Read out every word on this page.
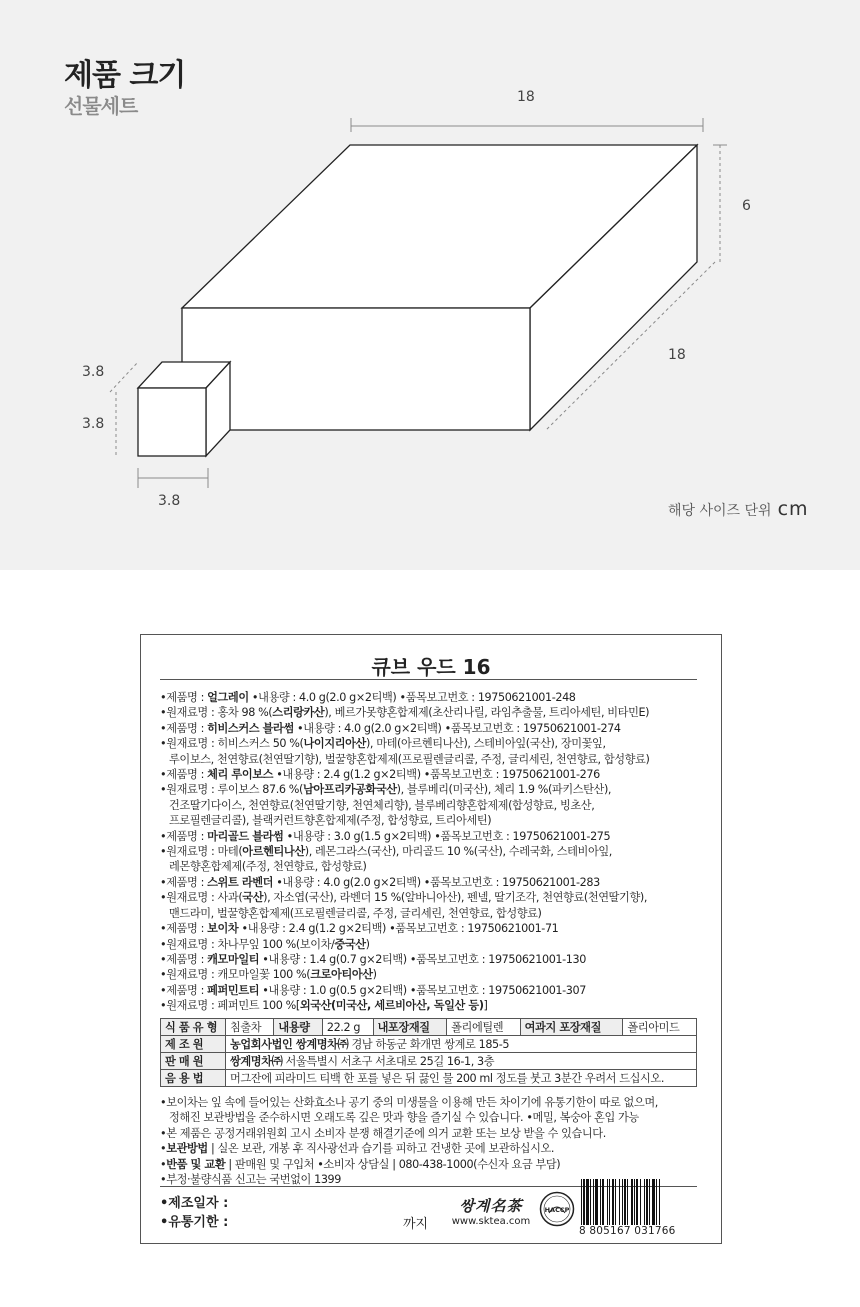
제품 크기
선물세트	18
6
18
3.8
3.8
3.8
해당 사이즈 단위 cm
큐브 우드 16
•제품명 : 얼그레이 •내용량 : 4.0 g(2.0 g×2티백) •품목보고번호 : 19750621001-248
•원재료명 : 홍차 98 %(스리랑카산), 베르가못향혼합제제(초산리나릴, 라임추출물, 트리아세틴, 비타민E)
•제품명 : 히비스커스 블라썸 •내용량 : 4.0 g(2.0 g×2티백) •품목보고번호 : 19750621001-274
•원재료명 : 히비스커스 50 %(나이지리아산), 마테(아르헨티나산), 스테비아잎(국산), 장미꽃잎,
루이보스, 천연향료(천연딸기향), 벌꿀향혼합제제(프로필렌글리콜, 주정, 글리세린, 천연향료, 합성향료)
•제품명 : 체리 루이보스 •내용량 : 2.4 g(1.2 g×2티백) •품목보고번호 : 19750621001-276
•원재료명 : 루이보스 87.6 %(남아프리카공화국산), 블루베리(미국산), 체리 1.9 %(파키스탄산),
건조딸기다이스, 천연향료(천연딸기향, 천연체리향), 블루베리향혼합제제(합성향료, 빙초산,
프로필렌글리콜), 블랙커런트향혼합제제(주정, 합성향료, 트리아세틴)
•제품명 : 마리골드 블라썸 •내용량 : 3.0 g(1.5 g×2티백) •품목보고번호 : 19750621001-275
•원재료명 : 마테(아르헨티나산), 레몬그라스(국산), 마리골드 10 %(국산), 수레국화, 스테비아잎,
레몬향혼합제제(주정, 천연향료, 합성향료)
•제품명 : 스위트 라벤더 •내용량 : 4.0 g(2.0 g×2티백) •품목보고번호 : 19750621001-283
•원재료명 : 사과(국산), 자소엽(국산), 라벤더 15 %(알바니아산), 펜넬, 딸기조각, 천연향료(천연딸기향),
맨드라미, 벌꿀향혼합제제(프로필렌글리콜, 주정, 글리세린, 천연향료, 합성향료)
•제품명 : 보이차 •내용량 : 2.4 g(1.2 g×2티백) •품목보고번호 : 19750621001-71
•원재료명 : 차나무잎 100 %(보이차/중국산)
•제품명 : 캐모마일티 •내용량 : 1.4 g(0.7 g×2티백) •품목보고번호 : 19750621001-130
•원재료명 : 캐모마일꽃 100 %(크로아티아산)
•제품명 : 페퍼민트티 •내용량 : 1.0 g(0.5 g×2티백) •품목보고번호 : 19750621001-307
•원재료명 : 페퍼민트 100 %[외국산(미국산, 세르비아산, 독일산 등)]
식 품 유 형	침출차	내용량	22.2 g	내포장재질	폴리에틸렌	여과지 포장재질	폴리아미드
제 조 원	농업회사법인 쌍계명차㈜ 경남 하동군 화개면 쌍계로 185-5						
판 매 원	쌍계명차㈜ 서울특별시 서초구 서초대로 25길 16-1, 3층						
음 용 법	머그잔에 피라미드 티백 한 포를 넣은 뒤 끓인 물 200 ml 정도를 붓고 3분간 우려서 드십시오.						
•보이차는 잎 속에 들어있는 산화효소나 공기 중의 미생물을 이용해 만든 차이기에 유통기한이 따로 없으며,
정해진 보관방법을 준수하시면 오래도록 깊은 맛과 향을 즐기실 수 있습니다. •메밀, 복숭아 혼입 가능
•본 제품은 공정거래위원회 고시 소비자 분쟁 해결기준에 의거 교환 또는 보상 받을 수 있습니다.
•보관방법 | 실온 보관, 개봉 후 직사광선과 습기를 피하고 건냉한 곳에 보관하십시오.
•반품 및 교환 | 판매원 및 구입처 •소비자 상담실 | 080-438-1000(수신자 요금 부담)
•부정·불량식품 신고는 국번없이 1399
•제조일자 :
•유통기한 :	까지
쌍계名茶
www.sktea.com
HACCP
8 805167 031766
